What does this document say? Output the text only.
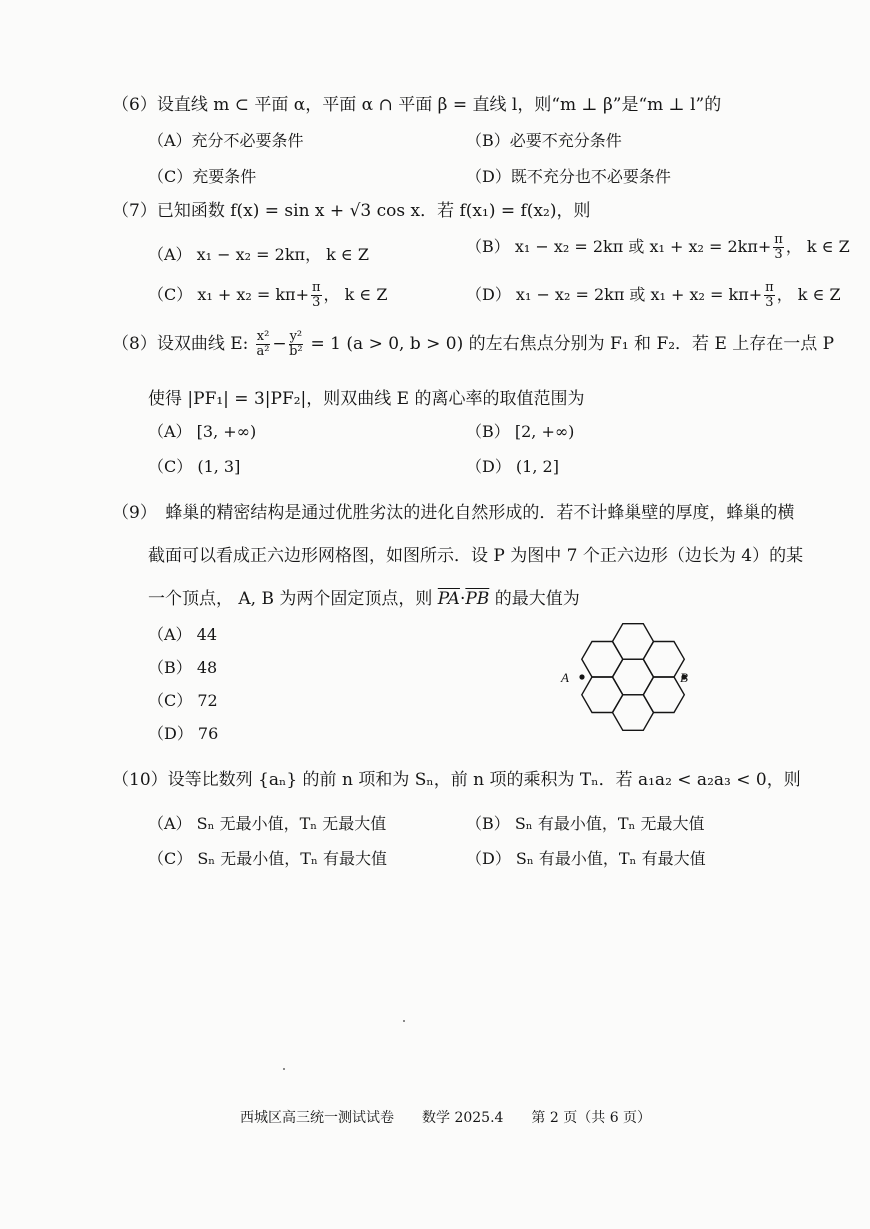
（6）设直线 m ⊂ 平面 α，平面 α ∩ 平面 β = 直线 l，则“m ⊥ β”是“m ⊥ l”的
（A）充分不必要条件	（B）必要不充分条件
（C）充要条件	（D）既不充分也不必要条件
（7）已知函数 f(x) = sin x + √3 cos x．若 f(x₁) = f(x₂)，则
（A） x₁ − x₂ = 2kπ， k ∈ Z	（B） x₁ − x₂ = 2kπ 或 $x_1 + x_2 = 2k\pi+ \frac{\pi}{3}$ ， k ∈ Z
（C） $x_1 + x_2 = k\pi+ \frac{\pi}{3}$ ， k ∈ Z	（D） x₁ − x₂ = 2kπ 或 $x_1 + x_2 = k\pi+ \frac{\pi}{3}$ ， k ∈ Z
（8）设双曲线 E: $\frac{\text{x²}}{\text{a²}} - \frac{\text{y²}}{\text{b²}} = 1$ (a > 0, b > 0) 的左右焦点分别为 F₁ 和 F₂．若 E 上存在一点 P
使得 |PF₁| = 3|PF₂|，则双曲线 E 的离心率的取值范围为
（A） [3, +∞)	（B） [2, +∞)
（C） (1, 3]	（D） (1, 2]
（9）　蜂巢的精密结构是通过优胜劣汰的进化自然形成的．若不计蜂巢壁的厚度，蜂巢的横
截面可以看成正六边形网格图，如图所示．设 P 为图中 7 个正六边形（边长为 4）的某
一个顶点， A, B 为两个固定顶点，则 $\overline{PA}\cdot\overline{PB}$ 的最大值为
（A） 44
（B） 48
（C） 72
（D） 76
A	B
（10）设等比数列 {aₙ} 的前 n 项和为 Sₙ，前 n 项的乘积为 Tₙ．若 a₁a₂ < a₂a₃ < 0，则
（A） Sₙ 无最小值，Tₙ 无最大值	（B） Sₙ 有最小值，Tₙ 无最大值
（C） Sₙ 无最小值，Tₙ 有最大值	（D） Sₙ 有最小值，Tₙ 有最大值
西城区高三统一测试试卷　　数学 2025.4　　第 2 页（共 6 页）
